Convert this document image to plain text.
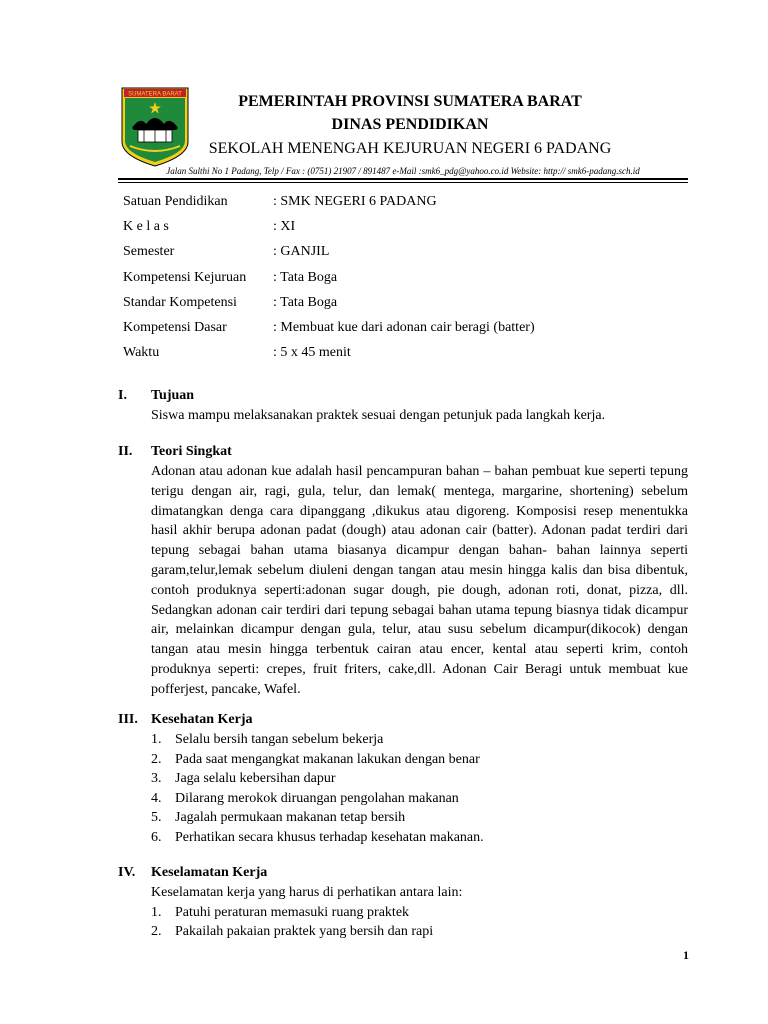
SUMATERA BARAT	PEMERINTAH PROVINSI SUMATERA BARAT
DINAS PENDIDIKAN
SEKOLAH MENENGAH KEJURUAN NEGERI 6 PADANG
Jalan Sulthi No 1 Padang, Telp / Fax : (0751) 21907 / 891487 e-Mail :smk6_pdg@yahoo.co.id Website: http:// smk6-padang.sch.id
Satuan Pendidikan	: SMK NEGERI 6 PADANG
K e l a s	: XI
Semester	: GANJIL
Kompetensi Kejuruan	: Tata Boga
Standar Kompetensi	: Tata Boga
Kompetensi Dasar	: Membuat kue dari adonan cair beragi (batter)
Waktu	: 5 x 45 menit
I.	Tujuan
Siswa mampu melaksanakan praktek sesuai dengan petunjuk pada langkah kerja.
II.	Teori Singkat
Adonan atau adonan kue adalah hasil pencampuran bahan – bahan pembuat kue seperti tepung terigu dengan air, ragi, gula, telur, dan lemak( mentega, margarine, shortening) sebelum dimatangkan denga cara dipanggang ,dikukus atau digoreng. Komposisi resep menentukka hasil akhir berupa adonan padat (dough) atau adonan cair (batter). Adonan padat terdiri dari tepung sebagai bahan utama biasanya dicampur dengan bahan- bahan lainnya seperti garam,telur,lemak sebelum diuleni dengan tangan atau mesin hingga kalis dan bisa dibentuk, contoh produknya seperti:adonan sugar dough, pie dough, adonan roti, donat, pizza, dll. Sedangkan adonan cair terdiri dari tepung sebagai bahan utama tepung biasnya tidak dicampur air, melainkan dicampur dengan gula, telur, atau susu sebelum dicampur(dikocok) dengan tangan atau mesin hingga terbentuk cairan atau encer, kental atau seperti krim, contoh produknya seperti: crepes, fruit friters, cake,dll. Adonan Cair Beragi untuk membuat kue pofferjest, pancake, Wafel.
III. Kesehatan Kerja
1. Selalu bersih tangan sebelum bekerja
2. Pada saat mengangkat makanan lakukan dengan benar
3. Jaga selalu kebersihan dapur
4. Dilarang merokok diruangan pengolahan makanan
5. Jagalah permukaan makanan tetap bersih
6. Perhatikan secara khusus terhadap kesehatan makanan.
IV.	Keselamatan Kerja
Keselamatan kerja yang harus di perhatikan antara lain:
1. Patuhi peraturan memasuki ruang praktek
2. Pakailah pakaian praktek yang bersih dan rapi
1
